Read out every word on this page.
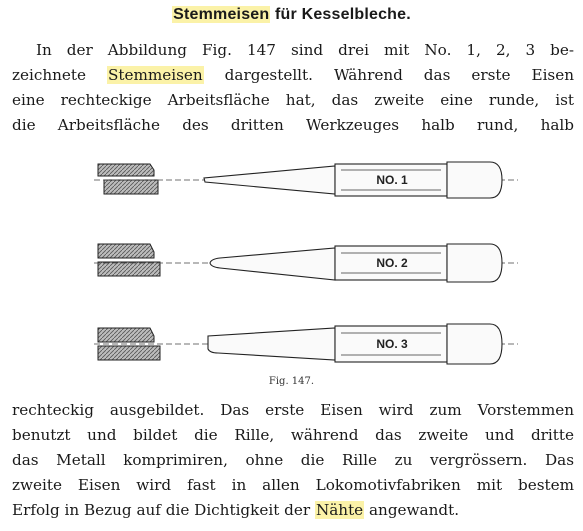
Stemmeisen für Kesselbleche.

In der Abbildung Fig. 147 sind drei mit No. 1, 2, 3 be-
zeichnete Stemmeisen dargestellt. Während das erste Eisen
eine rechteckige Arbeitsfläche hat, das zweite eine runde, ist
die Arbeitsfläche des dritten Werkzeuges halb rund, halb

NO. 1
NO. 2
NO. 3
Fig. 147.

rechteckig ausgebildet. Das erste Eisen wird zum Vorstemmen
benutzt und bildet die Rille, während das zweite und dritte
das Metall komprimiren, ohne die Rille zu vergrössern. Das
zweite Eisen wird fast in allen Lokomotivfabriken mit bestem
Erfolg in Bezug auf die Dichtigkeit der Nähte angewandt.
